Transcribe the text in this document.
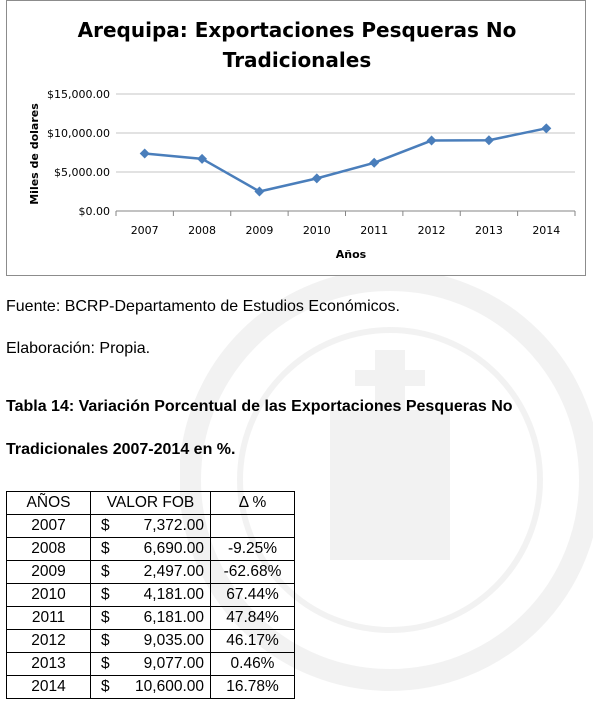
Arequipa: Exportaciones Pesqueras No
Tradicionales
Miles de dolares
Años
$0.00
$5,000.00
$10,000.00
$15,000.00
2007	2008	2009	2010	2011	2012	2013	2014
Fuente: BCRP-Departamento de Estudios Económicos.
Elaboración: Propia.
Tabla 14: Variación Porcentual de las Exportaciones Pesqueras No
Tradicionales 2007-2014 en %.
AÑOS	VALOR FOB	Δ %
2007	$ 7,372.00	

2008	$ 6,690.00	-9.25%
2009	$ 2,497.00	-62.68%
2010	$ 4,181.00	67.44%
2011	$ 6,181.00	47.84%
2012	$ 9,035.00	46.17%
2013	$ 9,077.00	0.46%
2014	$ 10,600.00	16.78%
